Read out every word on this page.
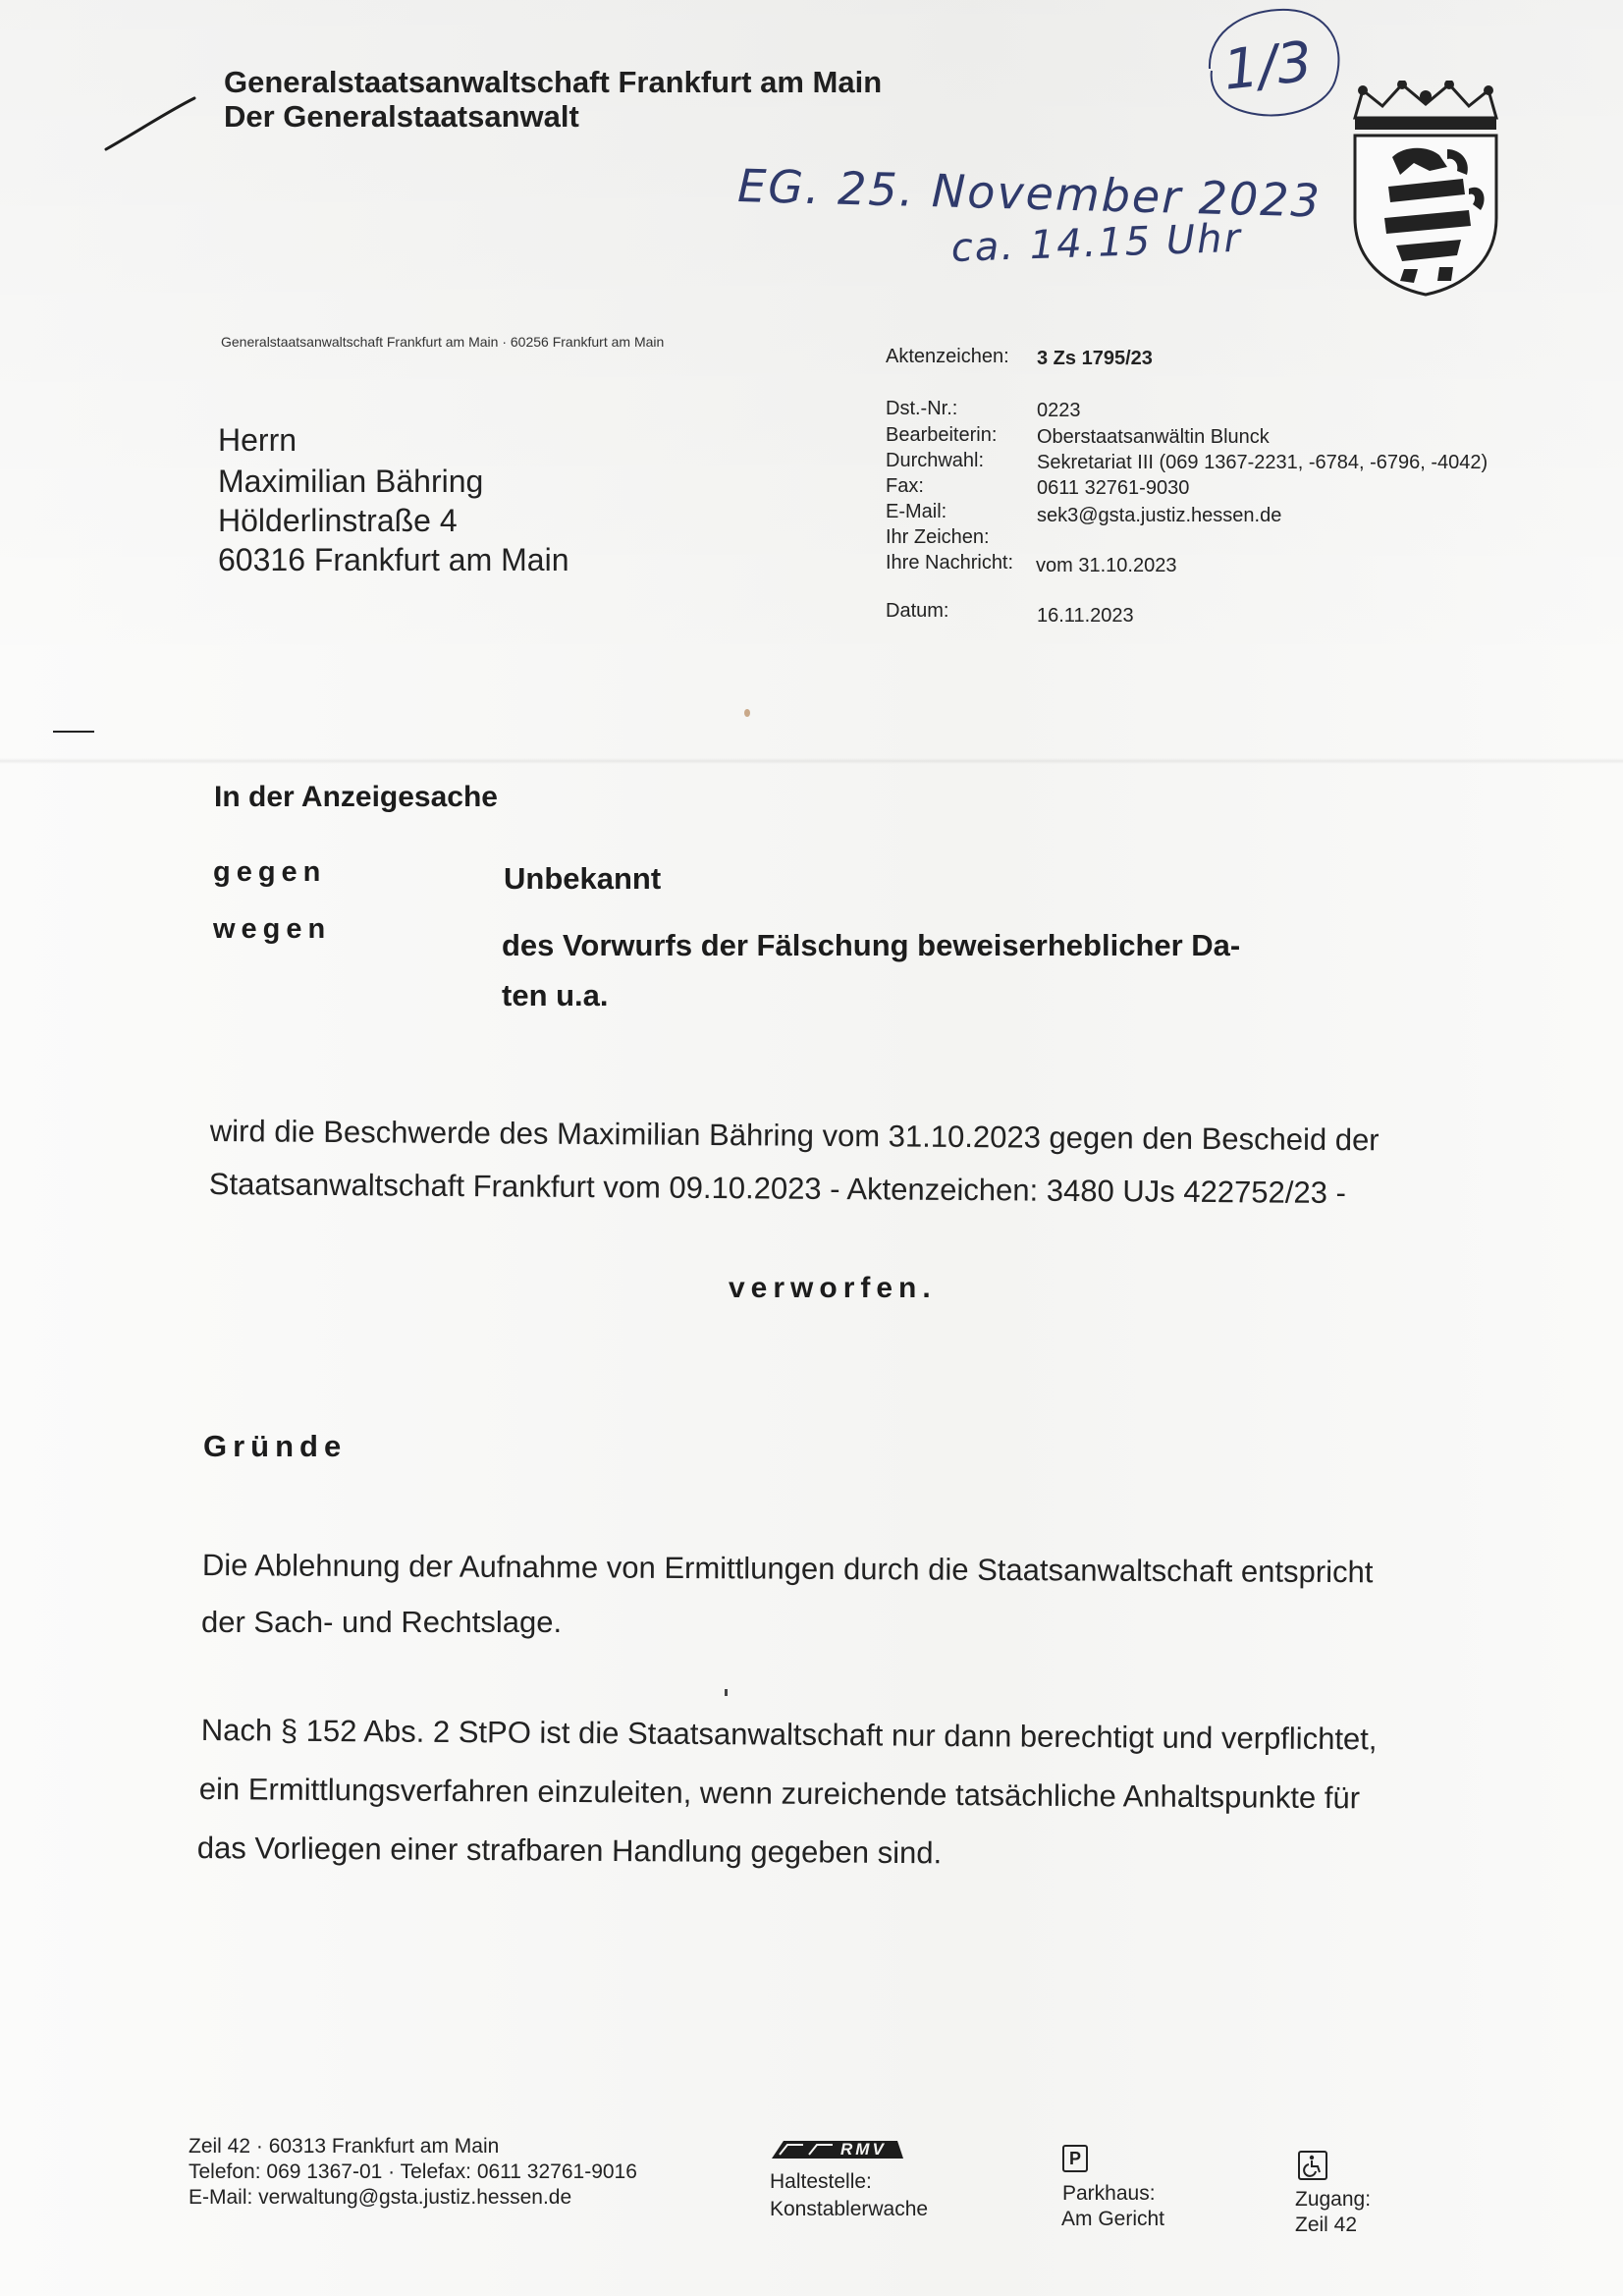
Generalstaatsanwaltschaft Frankfurt am Main

Der Generalstaatsanwalt

1/3

EG. 25. November 2023

ca. 14.15 Uhr

Generalstaatsanwaltschaft Frankfurt am Main · 60256 Frankfurt am Main

Herrn

Maximilian Bähring

Hölderlinstraße 4

60316 Frankfurt am Main

Aktenzeichen: 3 Zs 1795/23

Dst.-Nr.:	0223

Bearbeiterin: Oberstaatsanwältin Blunck

Durchwahl:	Sekretariat III (069 1367-2231, -6784, -6796, -4042)

Fax:	0611 32761-9030

E-Mail:	sek3@gsta.justiz.hessen.de

Ihr Zeichen:

Ihre Nachricht: vom 31.10.2023

Datum:	16.11.2023

In der Anzeigesache

gegen	Unbekannt

wegen	des Vorwurfs der Fälschung beweiserheblicher Da-

ten u.a.

wird die Beschwerde des Maximilian Bähring vom 31.10.2023 gegen den Bescheid der

Staatsanwaltschaft Frankfurt vom 09.10.2023 - Aktenzeichen: 3480 UJs 422752/23 -

verworfen.

Gründe

Die Ablehnung der Aufnahme von Ermittlungen durch die Staatsanwaltschaft entspricht

der Sach- und Rechtslage.

Nach § 152 Abs. 2 StPO ist die Staatsanwaltschaft nur dann berechtigt und verpflichtet,

ein Ermittlungsverfahren einzuleiten, wenn zureichende tatsächliche Anhaltspunkte für

das Vorliegen einer strafbaren Handlung gegeben sind.

Zeil 42 · 60313 Frankfurt am Main

Telefon: 069 1367-01 · Telefax: 0611 32761-9016

E-Mail: verwaltung@gsta.justiz.hessen.de

RMV

Haltestelle:

Konstablerwache

P

Parkhaus:

Am Gericht

Zugang:

Zeil 42
